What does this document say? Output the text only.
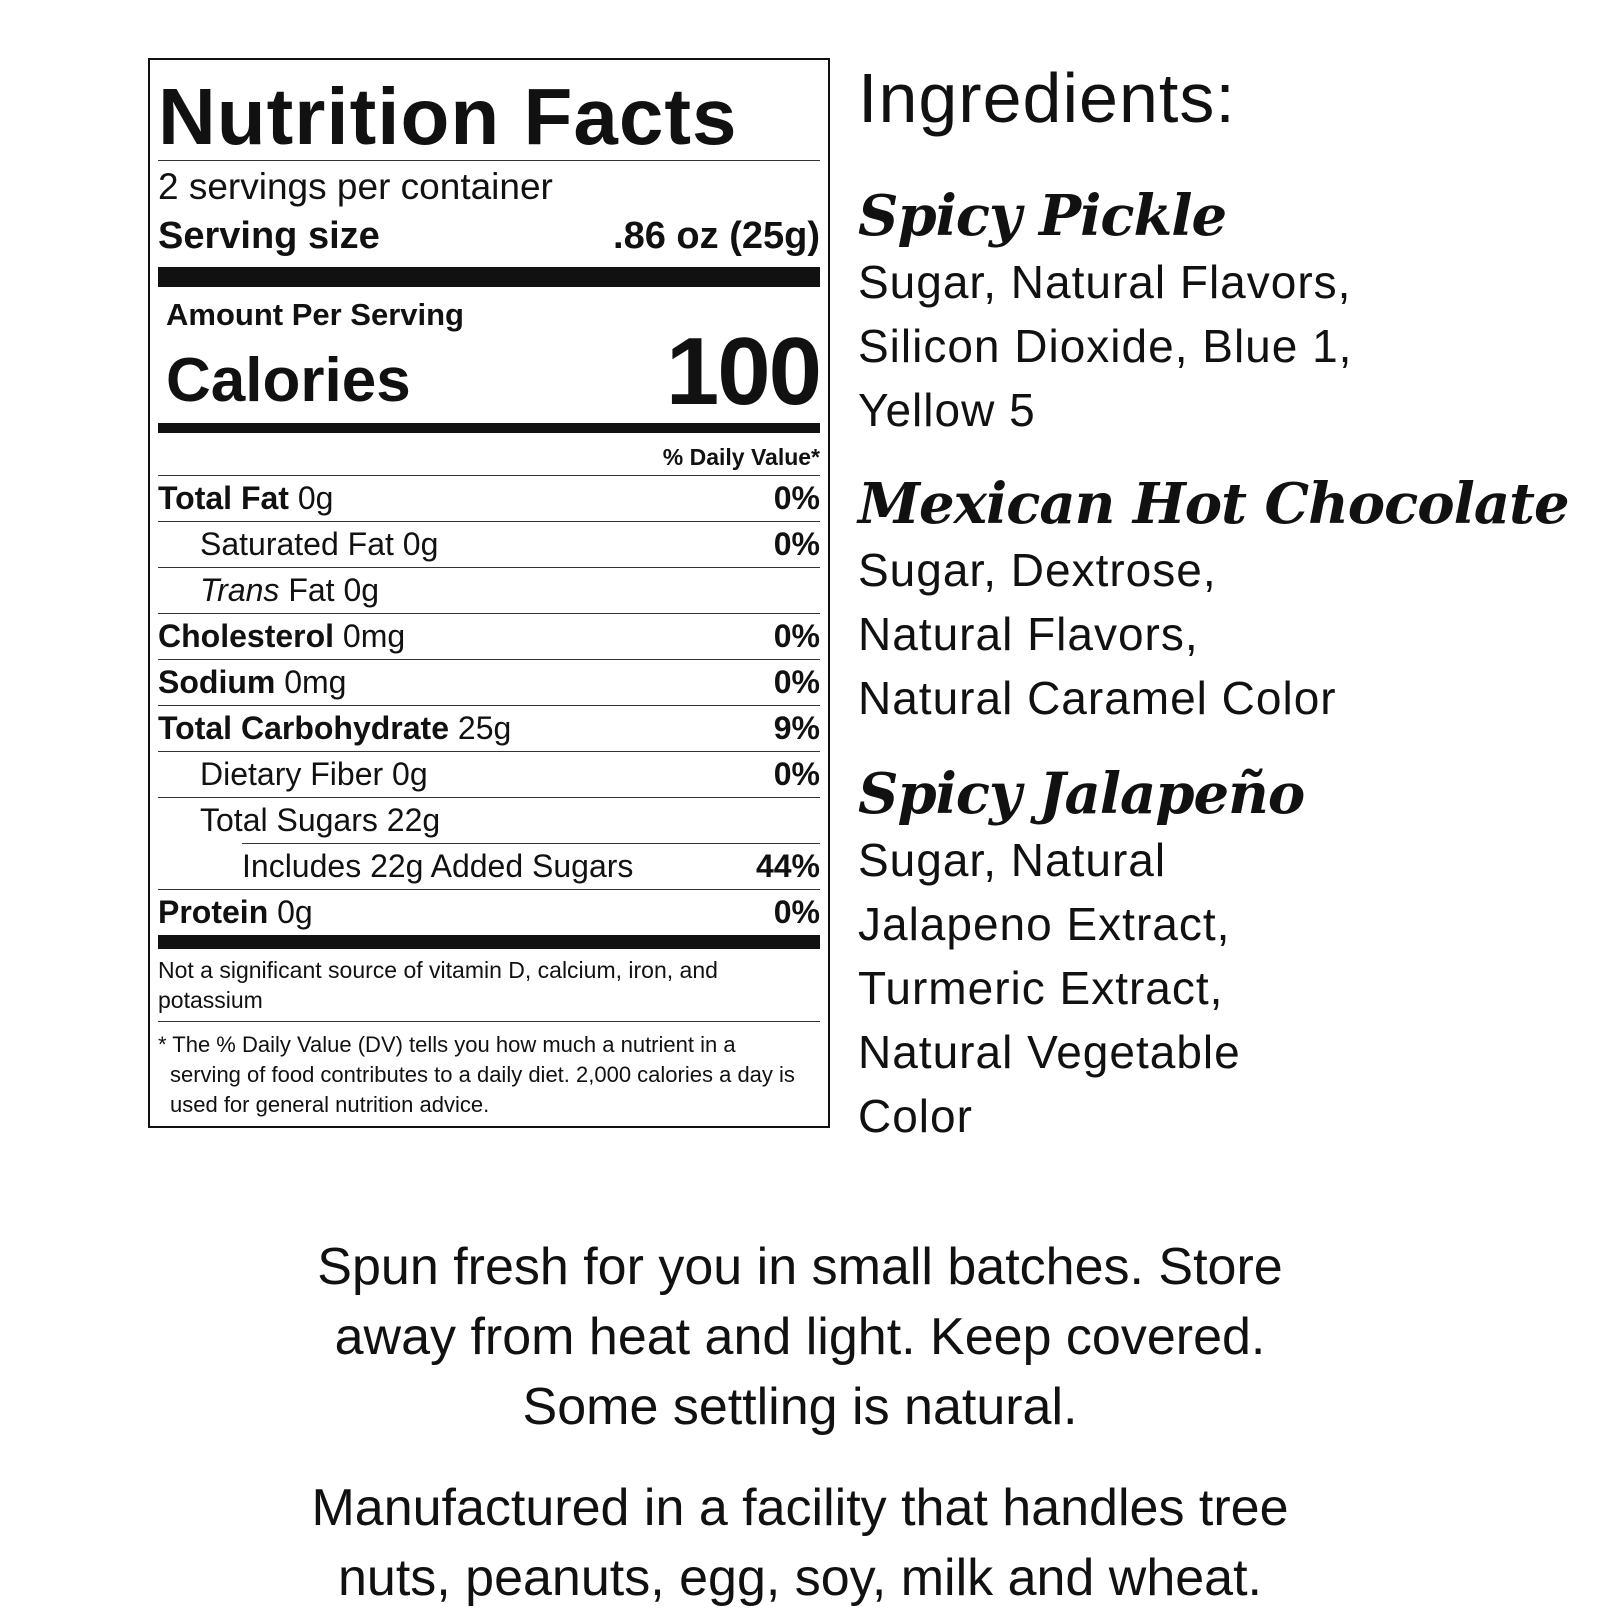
Nutrition Facts
2 servings per container
Serving size	.86 oz (25g)
Amount Per Serving
Calories	100
% Daily Value*
Total Fat 0g	0%
Saturated Fat 0g	0%
Trans Fat 0g
Cholesterol 0mg	0%
Sodium 0mg	0%
Total Carbohydrate 25g	9%
Dietary Fiber 0g	0%
Total Sugars 22g
Includes 22g Added Sugars	44%
Protein 0g	0%
Not a significant source of vitamin D, calcium, iron, and potassium
* The % Daily Value (DV) tells you how much a nutrient in a serving of food contributes to a daily diet. 2,000 calories a day is used for general nutrition advice.
Ingredients:
Spicy Pickle
Sugar, Natural Flavors,
Silicon Dioxide, Blue 1,
Yellow 5
Mexican Hot Chocolate
Sugar, Dextrose,
Natural Flavors,
Natural Caramel Color
Spicy Jalapeño
Sugar, Natural
Jalapeno Extract,
Turmeric Extract,
Natural Vegetable
Color
Spun fresh for you in small batches. Store
away from heat and light. Keep covered.
Some settling is natural.
Manufactured in a facility that handles tree
nuts, peanuts, egg, soy, milk and wheat.
